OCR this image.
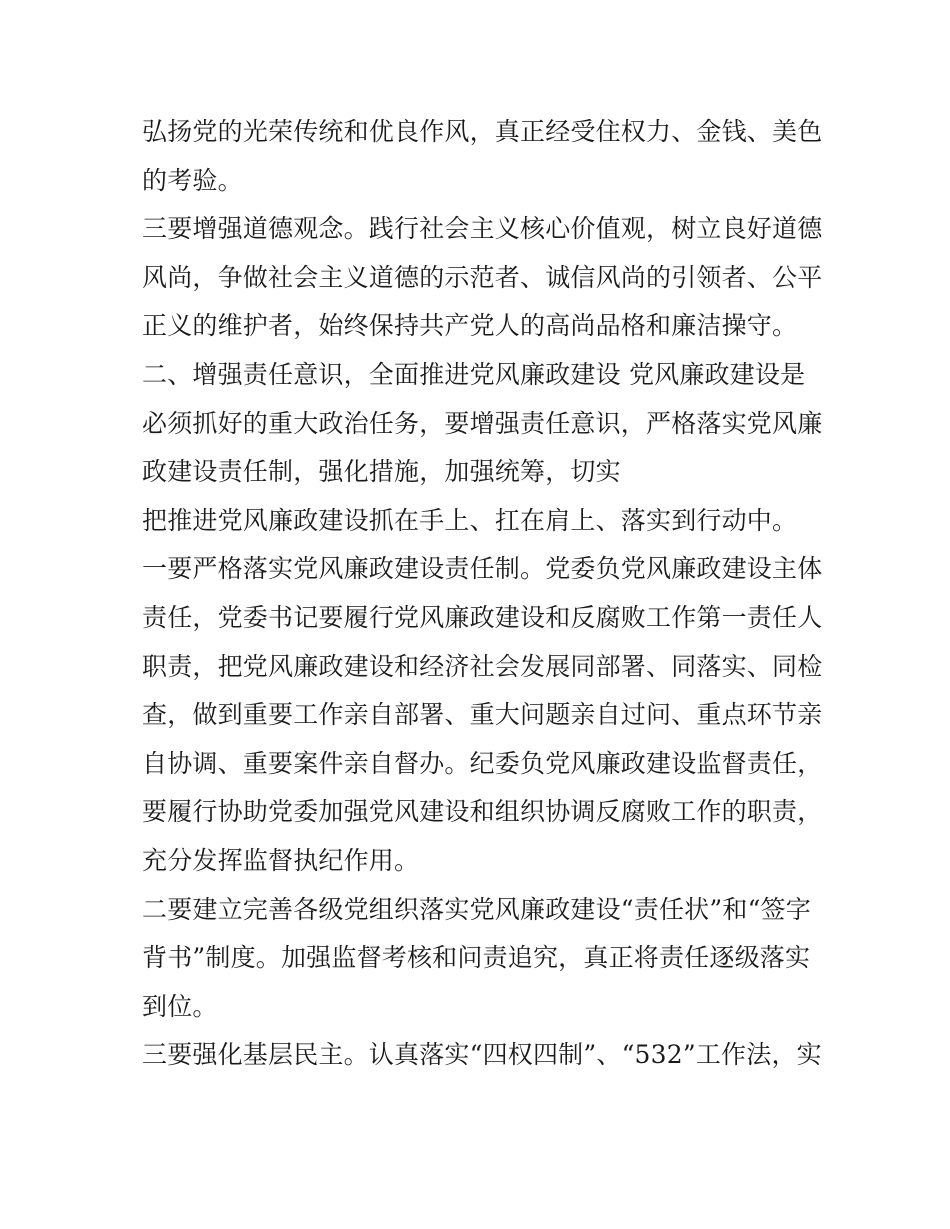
弘扬党的光荣传统和优良作风，真正经受住权力、金钱、美色
的考验。
三要增强道德观念。践行社会主义核心价值观，树立良好道德
风尚，争做社会主义道德的示范者、诚信风尚的引领者、公平
正义的维护者，始终保持共产党人的高尚品格和廉洁操守。
二、增强责任意识，全面推进党风廉政建设 党风廉政建设是
必须抓好的重大政治任务，要增强责任意识，严格落实党风廉
政建设责任制，强化措施，加强统筹，切实
把推进党风廉政建设抓在手上、扛在肩上、落实到行动中。
一要严格落实党风廉政建设责任制。党委负党风廉政建设主体
责任，党委书记要履行党风廉政建设和反腐败工作第一责任人
职责，把党风廉政建设和经济社会发展同部署、同落实、同检
查，做到重要工作亲自部署、重大问题亲自过问、重点环节亲
自协调、重要案件亲自督办。纪委负党风廉政建设监督责任，
要履行协助党委加强党风建设和组织协调反腐败工作的职责，
充分发挥监督执纪作用。
二要建立完善各级党组织落实党风廉政建设“责任状”和“签字
背书”制度。加强监督考核和问责追究，真正将责任逐级落实
到位。
三要强化基层民主。认真落实“四权四制”、“532”工作法，实
